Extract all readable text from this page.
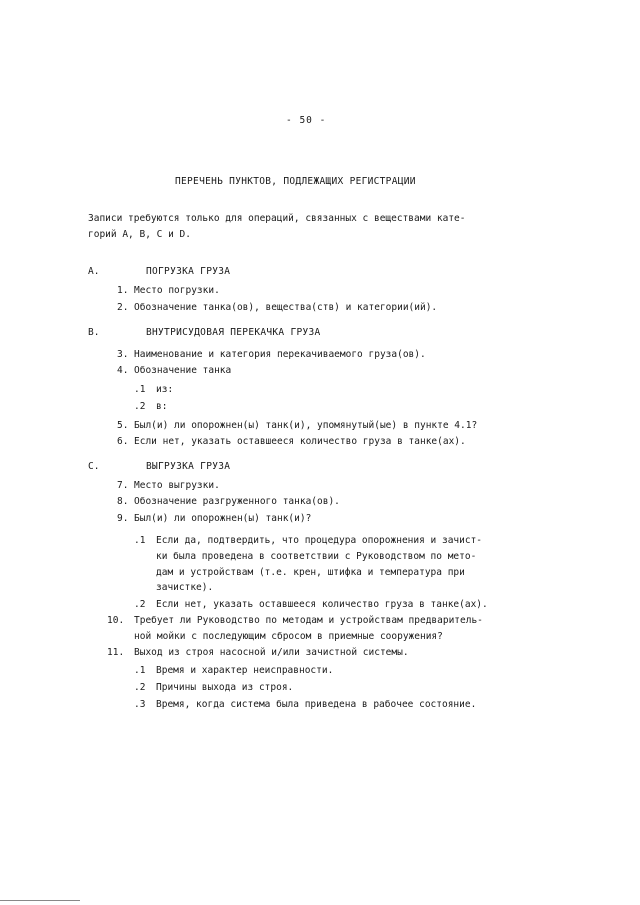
- 50 -
ПЕРЕЧЕНЬ ПУНКТОВ, ПОДЛЕЖАЩИХ РЕГИСТРАЦИИ
Записи требуются только для операций, связанных с веществами кате-
горий A, B, C и D.
A.	ПОГРУЗКА ГРУЗА
1. Место погрузки.
2. Обозначение танка(ов), вещества(ств) и категории(ий).
B.	ВНУТРИСУДОВАЯ ПЕРЕКАЧКА ГРУЗА
3. Наименование и категория перекачиваемого груза(ов).
4. Обозначение танка
.1 из:
.2 в:
5. Был(и) ли опорожнен(ы) танк(и), упомянутый(ые) в пункте 4.1?
6. Если нет, указать оставшееся количество груза в танке(ах).
C.	ВЫГРУЗКА ГРУЗА
7. Место выгрузки.
8. Обозначение разгруженного танка(ов).
9. Был(и) ли опорожнен(ы) танк(и)?
.1 Если да, подтвердить, что процедура опорожнения и зачист-
ки была проведена в соответствии с Руководством по мето-
дам и устройствам (т.е. крен, штифка и температура при
зачистке).
.2 Если нет, указать оставшееся количество груза в танке(ах).
10. Требует ли Руководство по методам и устройствам предваритель-
ной мойки с последующим сбросом в приемные сооружения?
11. Выход из строя насосной и/или зачистной системы.
.1 Время и характер неисправности.
.2 Причины выхода из строя.
.3 Время, когда система была приведена в рабочее состояние.
